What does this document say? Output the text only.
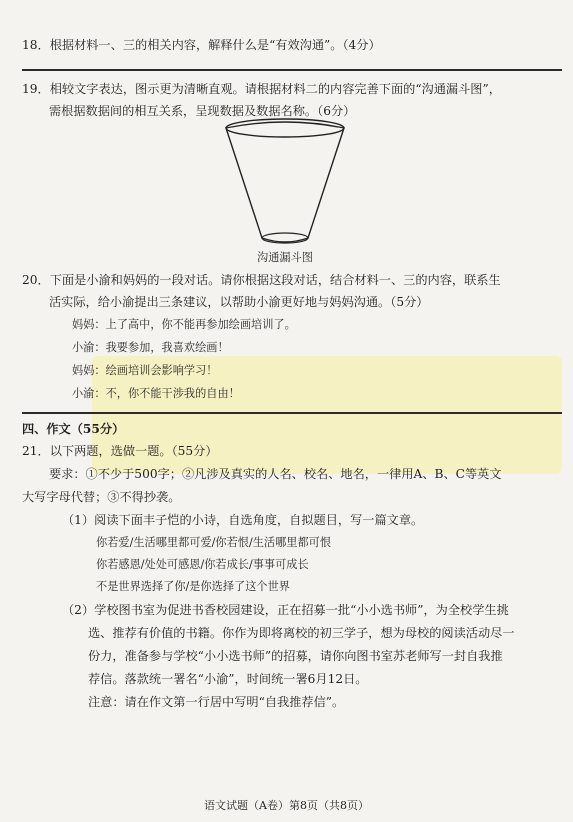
18．根据材料一、三的相关内容，解释什么是“有效沟通”。（4分）
19．相较文字表达，图示更为清晰直观。请根据材料二的内容完善下面的“沟通漏斗图”，
需根据数据间的相互关系，呈现数据及数据名称。（6分）
沟通漏斗图
20．下面是小渝和妈妈的一段对话。请你根据这段对话，结合材料一、三的内容，联系生
活实际，给小渝提出三条建议，以帮助小渝更好地与妈妈沟通。（5分）
妈妈：上了高中，你不能再参加绘画培训了。
小渝：我要参加，我喜欢绘画！
妈妈：绘画培训会影响学习！
小渝：不，你不能干涉我的自由！
四、作文（55分）
21．以下两题，选做一题。（55分）
要求：①不少于500字；②凡涉及真实的人名、校名、地名，一律用A、B、C等英文
大写字母代替；③不得抄袭。
（1）阅读下面丰子恺的小诗，自选角度，自拟题目，写一篇文章。
你若爱/生活哪里都可爱/你若恨/生活哪里都可恨
你若感恩/处处可感恩/你若成长/事事可成长
不是世界选择了你/是你选择了这个世界
（2）学校图书室为促进书香校园建设，正在招募一批“小小选书师”，为全校学生挑
选、推荐有价值的书籍。你作为即将离校的初三学子，想为母校的阅读活动尽一
份力，准备参与学校“小小选书师”的招募，请你向图书室苏老师写一封自我推
荐信。落款统一署名“小渝”，时间统一署6月12日。
注意：请在作文第一行居中写明“自我推荐信”。
语文试题（A卷）第8页（共8页）
